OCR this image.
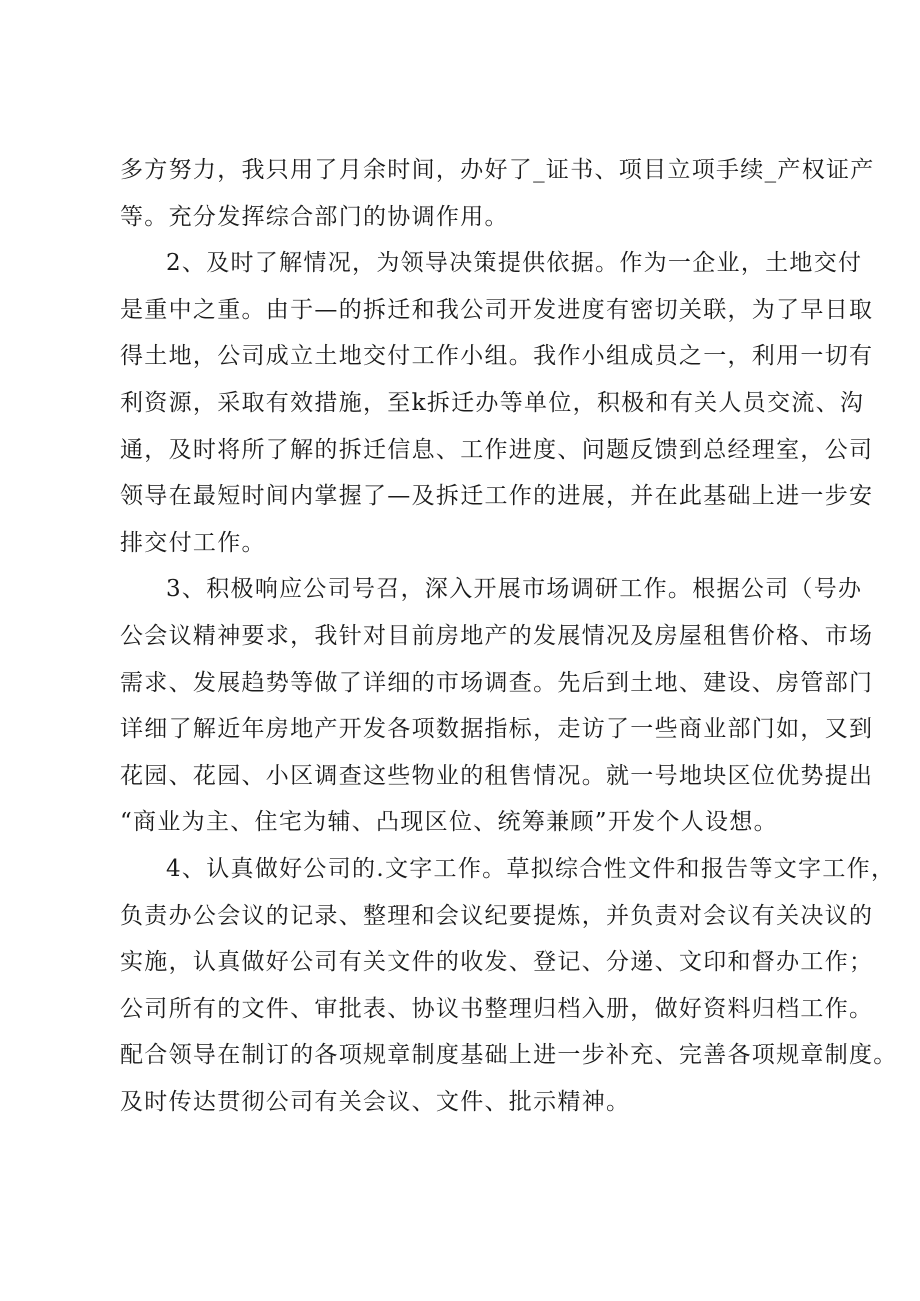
多方努力，我只用了月余时间，办好了_证书、项目立项手续_产权证产
等。充分发挥综合部门的协调作用。
2、及时了解情况，为领导决策提供依据。作为一企业，土地交付
是重中之重。由于—的拆迁和我公司开发进度有密切关联，为了早日取
得土地，公司成立土地交付工作小组。我作小组成员之一，利用一切有
利资源，采取有效措施，至k拆迁办等单位，积极和有关人员交流、沟
通，及时将所了解的拆迁信息、工作进度、问题反馈到总经理室，公司
领导在最短时间内掌握了—及拆迁工作的进展，并在此基础上进一步安
排交付工作。
3、积极响应公司号召，深入开展市场调研工作。根据公司（号办
公会议精神要求，我针对目前房地产的发展情况及房屋租售价格、市场
需求、发展趋势等做了详细的市场调查。先后到土地、建设、房管部门
详细了解近年房地产开发各项数据指标，走访了一些商业部门如，又到
花园、花园、小区调查这些物业的租售情况。就一号地块区位优势提出
“商业为主、住宅为辅、凸现区位、统筹兼顾”开发个人设想。
4、认真做好公司的.文字工作。草拟综合性文件和报告等文字工作，
负责办公会议的记录、整理和会议纪要提炼，并负责对会议有关决议的
实施，认真做好公司有关文件的收发、登记、分递、文印和督办工作；
公司所有的文件、审批表、协议书整理归档入册，做好资料归档工作。
配合领导在制订的各项规章制度基础上进一步补充、完善各项规章制度。
及时传达贯彻公司有关会议、文件、批示精神。
